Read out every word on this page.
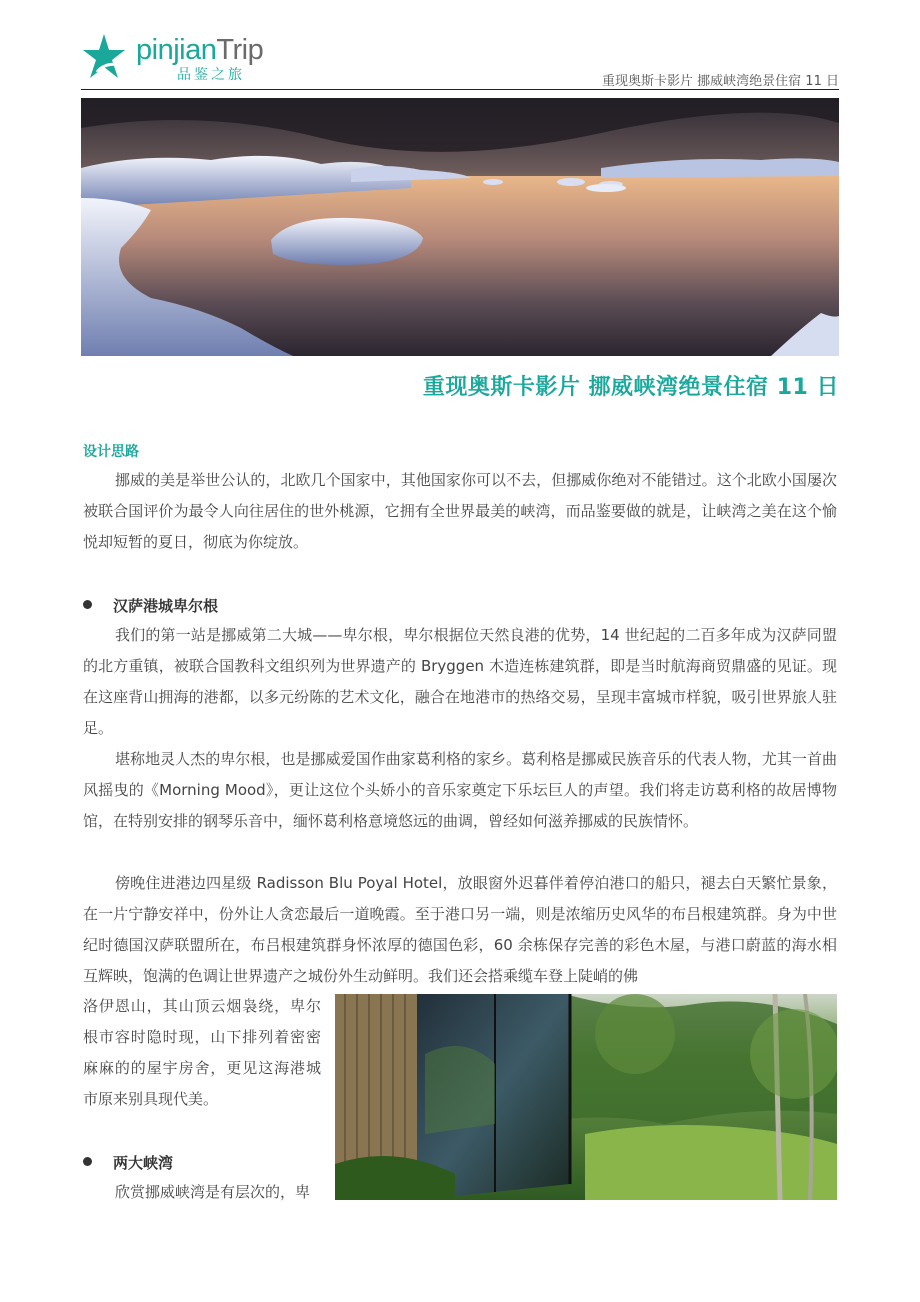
pinjianTrip
品鉴之旅	重现奥斯卡影片 挪威峡湾绝景住宿 11 日
重现奥斯卡影片 挪威峡湾绝景住宿 11 日
设计思路

挪威的美是举世公认的，北欧几个国家中，其他国家你可以不去，但挪威你绝对不能错过。这个北欧小国屡次被联合国评价为最令人向往居住的世外桃源，它拥有全世界最美的峡湾，而品鉴要做的就是，让峡湾之美在这个愉悦却短暂的夏日，彻底为你绽放。

汉萨港城卑尔根

我们的第一站是挪威第二大城——卑尔根，卑尔根据位天然良港的优势，14 世纪起的二百多年成为汉萨同盟的北方重镇，被联合国教科文组织列为世界遗产的 Bryggen 木造连栋建筑群，即是当时航海商贸鼎盛的见证。现在这座背山拥海的港都，以多元纷陈的艺术文化，融合在地港市的热络交易，呈现丰富城市样貌，吸引世界旅人驻足。

堪称地灵人杰的卑尔根，也是挪威爱国作曲家葛利格的家乡。葛利格是挪威民族音乐的代表人物，尤其一首曲风摇曳的《Morning Mood》，更让这位个头娇小的音乐家奠定下乐坛巨人的声望。我们将走访葛利格的故居博物馆，在特别安排的钢琴乐音中，缅怀葛利格意境悠远的曲调，曾经如何滋养挪威的民族情怀。

傍晚住进港边四星级 Radisson Blu Poyal Hotel，放眼窗外迟暮伴着停泊港口的船只，褪去白天繁忙景象，在一片宁静安祥中，份外让人贪恋最后一道晚霞。至于港口另一端，则是浓缩历史风华的布吕根建筑群。身为中世纪时德国汉萨联盟所在，布吕根建筑群身怀浓厚的德国色彩，60 余栋保存完善的彩色木屋，与港口蔚蓝的海水相互辉映，饱满的色调让世界遗产之城份外生动鲜明。我们还会搭乘缆车登上陡峭的佛

洛伊恩山，其山顶云烟袅绕，卑尔根市容时隐时现，山下排列着密密麻麻的的屋宇房舍，更见这海港城市原来别具现代美。

两大峡湾

欣赏挪威峡湾是有层次的，卑
